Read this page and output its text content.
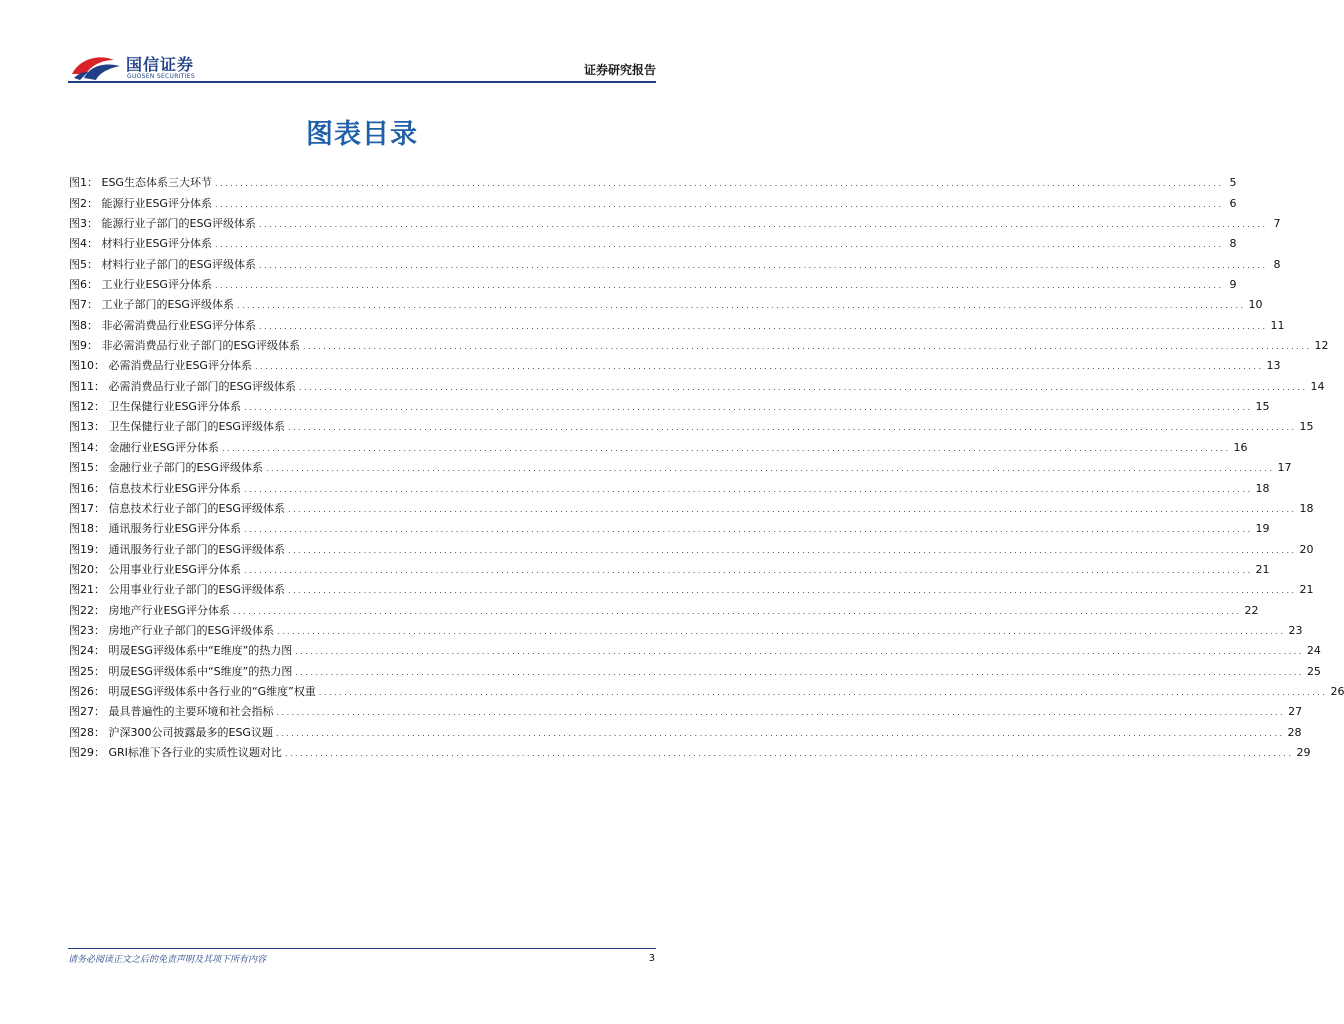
国信证券
GUOSEN SECURITIES	证券研究报告
图表目录
图1： ESG生态体系三大环节 ........................................................................................................................................................................................................ 5
图2： 能源行业ESG评分体系 ........................................................................................................................................................................................................ 6
图3： 能源行业子部门的ESG评级体系 ........................................................................................................................................................................................................ 7
图4： 材料行业ESG评分体系 ........................................................................................................................................................................................................ 8
图5： 材料行业子部门的ESG评级体系 ........................................................................................................................................................................................................ 8
图6： 工业行业ESG评分体系 ........................................................................................................................................................................................................ 9
图7： 工业子部门的ESG评级体系 ........................................................................................................................................................................................................ 10
图8： 非必需消费品行业ESG评分体系 ........................................................................................................................................................................................................ 11
图9： 非必需消费品行业子部门的ESG评级体系 ........................................................................................................................................................................................................ 12
图10： 必需消费品行业ESG评分体系 ........................................................................................................................................................................................................ 13
图11： 必需消费品行业子部门的ESG评级体系 ........................................................................................................................................................................................................ 14
图12： 卫生保健行业ESG评分体系 ........................................................................................................................................................................................................ 15
图13： 卫生保健行业子部门的ESG评级体系 ........................................................................................................................................................................................................ 15
图14： 金融行业ESG评分体系 ........................................................................................................................................................................................................ 16
图15： 金融行业子部门的ESG评级体系 ........................................................................................................................................................................................................ 17
图16： 信息技术行业ESG评分体系 ........................................................................................................................................................................................................ 18
图17： 信息技术行业子部门的ESG评级体系 ........................................................................................................................................................................................................ 18
图18： 通讯服务行业ESG评分体系 ........................................................................................................................................................................................................ 19
图19： 通讯服务行业子部门的ESG评级体系 ........................................................................................................................................................................................................ 20
图20： 公用事业行业ESG评分体系 ........................................................................................................................................................................................................ 21
图21： 公用事业行业子部门的ESG评级体系 ........................................................................................................................................................................................................ 21
图22： 房地产行业ESG评分体系 ........................................................................................................................................................................................................ 22
图23： 房地产行业子部门的ESG评级体系 ........................................................................................................................................................................................................ 23
图24： 明晟ESG评级体系中“E维度”的热力图 ........................................................................................................................................................................................................ 24
图25： 明晟ESG评级体系中“S维度”的热力图 ........................................................................................................................................................................................................ 25
图26： 明晟ESG评级体系中各行业的“G维度”权重 ........................................................................................................................................................................................................ 26
图27： 最具普遍性的主要环境和社会指标 ........................................................................................................................................................................................................ 27
图28： 沪深300公司披露最多的ESG议题 ........................................................................................................................................................................................................ 28
图29： GRI标准下各行业的实质性议题对比 ........................................................................................................................................................................................................ 29
请务必阅读正文之后的免责声明及其项下所有内容	3
